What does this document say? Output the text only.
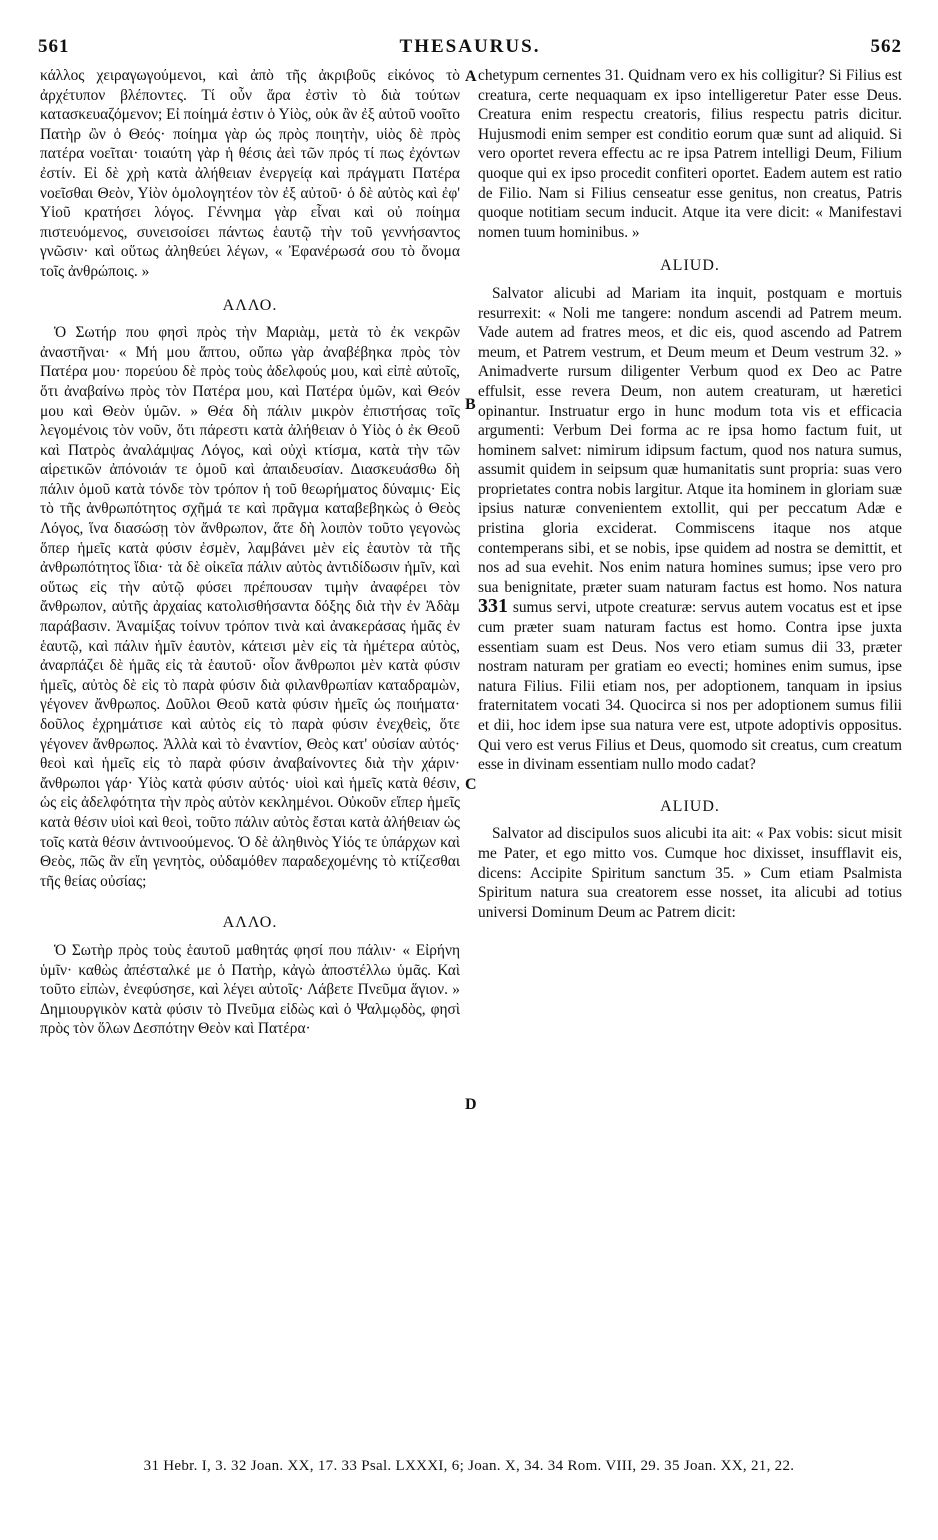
561	THESAURUS.	562

κάλλος χειραγωγούμενοι, καὶ ἀπὸ τῆς ἀκριβοῦς εἰκόνος τὸ ἀρχέτυπον βλέποντες. Τί οὖν ἄρα ἐστὶν τὸ διὰ τούτων κατασκευαζόμενον; Εἰ ποίημά ἐστιν ὁ Υἱὸς, οὐκ ἂν ἐξ αὐτοῦ νοοῖτο Πατὴρ ὢν ὁ Θεός· ποίημα γὰρ ὡς πρὸς ποιητὴν, υἱὸς δὲ πρὸς πατέρα νοεῖται· τοιαύτη γὰρ ἡ θέσις ἀεὶ τῶν πρός τί πως ἐχόντων ἐστίν. Εἰ δὲ χρὴ κατὰ ἀλήθειαν ἐνεργείᾳ καὶ πράγματι Πατέρα νοεῖσθαι Θεὸν, Υἱὸν ὁμολογητέον τὸν ἐξ αὐτοῦ· ὁ δὲ αὐτὸς καὶ ἐφ' Υἱοῦ κρατήσει λόγος. Γέννημα γὰρ εἶναι καὶ οὐ ποίημα πιστευόμενος, συνεισοίσει πάντως ἑαυτῷ τὴν τοῦ γεννήσαντος γνῶσιν· καὶ οὕτως ἀληθεύει λέγων, « Ἐφανέρωσά σου τὸ ὄνομα τοῖς ἀνθρώποις. »

ΑΛΛΟ.

Ὁ Σωτήρ που φησὶ πρὸς τὴν Μαριὰμ, μετὰ τὸ ἐκ νεκρῶν ἀναστῆναι· « Μή μου ἅπτου, οὔπω γὰρ ἀναβέβηκα πρὸς τὸν Πατέρα μου· πορεύου δὲ πρὸς τοὺς ἀδελφούς μου, καὶ εἰπὲ αὐτοῖς, ὅτι ἀναβαίνω πρὸς τὸν Πατέρα μου, καὶ Πατέρα ὑμῶν, καὶ Θεόν μου καὶ Θεὸν ὑμῶν. » Θέα δὴ πάλιν μικρὸν ἐπιστήσας τοῖς λεγομένοις τὸν νοῦν, ὅτι πάρεστι κατὰ ἀλήθειαν ὁ Υἱὸς ὁ ἐκ Θεοῦ καὶ Πατρὸς ἀναλάμψας Λόγος, καὶ οὐχὶ κτίσμα, κατὰ τὴν τῶν αἱρετικῶν ἀπόνοιάν τε ὁμοῦ καὶ ἀπαιδευσίαν. Διασκευάσθω δὴ πάλιν ὁμοῦ κατὰ τόνδε τὸν τρόπον ἡ τοῦ θεωρήματος δύναμις· Εἰς τὸ τῆς ἀνθρωπότητος σχῆμά τε καὶ πρᾶγμα καταβεβηκὼς ὁ Θεὸς Λόγος, ἵνα διασώσῃ τὸν ἄνθρωπον, ἅτε δὴ λοιπὸν τοῦτο γεγονὼς ὅπερ ἡμεῖς κατὰ φύσιν ἐσμὲν, λαμβάνει μὲν εἰς ἑαυτὸν τὰ τῆς ἀνθρωπότητος ἴδια· τὰ δὲ οἰκεῖα πάλιν αὐτὸς ἀντιδίδωσιν ἡμῖν, καὶ οὕτως εἰς τὴν αὐτῷ φύσει πρέπουσαν τιμὴν ἀναφέρει τὸν ἄνθρωπον, αὐτῆς ἀρχαίας κατολισθήσαντα δόξης διὰ τὴν ἐν Ἀδὰμ παράβασιν. Ἀναμίξας τοίνυν τρόπον τινὰ καὶ ἀνακεράσας ἡμᾶς ἐν ἑαυτῷ, καὶ πάλιν ἡμῖν ἑαυτὸν, κάτεισι μὲν εἰς τὰ ἡμέτερα αὐτὸς, ἀναρπάζει δὲ ἡμᾶς εἰς τὰ ἑαυτοῦ· οἷον ἄνθρωποι μὲν κατὰ φύσιν ἡμεῖς, αὐτὸς δὲ εἰς τὸ παρὰ φύσιν διὰ φιλανθρωπίαν καταδραμὼν, γέγονεν ἄνθρωπος. Δοῦλοι Θεοῦ κατὰ φύσιν ἡμεῖς ὡς ποιήματα· δοῦλος ἐχρημάτισε καὶ αὐτὸς εἰς τὸ παρὰ φύσιν ἐνεχθεὶς, ὅτε γέγονεν ἄνθρωπος. Ἀλλὰ καὶ τὸ ἐναντίον, Θεὸς κατ' οὐσίαν αὐτός· θεοὶ καὶ ἡμεῖς εἰς τὸ παρὰ φύσιν ἀναβαίνοντες διὰ τὴν χάριν· ἄνθρωποι γάρ· Υἱὸς κατὰ φύσιν αὐτός· υἱοὶ καὶ ἡμεῖς κατὰ θέσιν, ὡς εἰς ἀδελφότητα τὴν πρὸς αὐτὸν κεκλημένοι. Οὐκοῦν εἴπερ ἡμεῖς κατὰ θέσιν υἱοὶ καὶ θεοὶ, τοῦτο πάλιν αὐτὸς ἔσται κατὰ ἀλήθειαν ὡς τοῖς κατὰ θέσιν ἀντινοούμενος. Ὁ δὲ ἀληθινὸς Υἱός τε ὑπάρχων καὶ Θεὸς, πῶς ἂν εἴη γενητὸς, οὐδαμόθεν παραδεχομένης τὸ κτίζεσθαι τῆς θείας οὐσίας;

ΑΛΛΟ.

Ὁ Σωτὴρ πρὸς τοὺς ἑαυτοῦ μαθητάς φησί που πάλιν· « Εἰρήνη ὑμῖν· καθὼς ἀπέσταλκέ με ὁ Πατὴρ, κἀγὼ ἀποστέλλω ὑμᾶς. Καὶ τοῦτο εἰπὼν, ἐνεφύσησε, καὶ λέγει αὐτοῖς· Λάβετε Πνεῦμα ἅγιον. » Δημιουργικὸν κατὰ φύσιν τὸ Πνεῦμα εἰδὼς καὶ ὁ Ψαλμῳδὸς, φησὶ πρὸς τὸν ὅλων Δεσπότην Θεὸν καὶ Πατέρα·

chetypum cernentes 31. Quidnam vero ex his colligitur? Si Filius est creatura, certe nequaquam ex ipso intelligeretur Pater esse Deus. Creatura enim respectu creatoris, filius respectu patris dicitur. Hujusmodi enim semper est conditio eorum quæ sunt ad aliquid. Si vero oportet revera effectu ac re ipsa Patrem intelligi Deum, Filium quoque qui ex ipso procedit confiteri oportet. Eadem autem est ratio de Filio. Nam si Filius censeatur esse genitus, non creatus, Patris quoque notitiam secum inducit. Atque ita vere dicit: « Manifestavi nomen tuum hominibus. »

ALIUD.

Salvator alicubi ad Mariam ita inquit, postquam e mortuis resurrexit: « Noli me tangere: nondum ascendi ad Patrem meum. Vade autem ad fratres meos, et dic eis, quod ascendo ad Patrem meum, et Patrem vestrum, et Deum meum et Deum vestrum 32. » Animadverte rursum diligenter Verbum quod ex Deo ac Patre effulsit, esse revera Deum, non autem creaturam, ut hæretici opinantur. Instruatur ergo in hunc modum tota vis et efficacia argumenti: Verbum Dei forma ac re ipsa homo factum fuit, ut hominem salvet: nimirum idipsum factum, quod nos natura sumus, assumit quidem in seipsum quæ humanitatis sunt propria: suas vero proprietates contra nobis largitur. Atque ita hominem in gloriam suæ ipsius naturæ convenientem extollit, qui per peccatum Adæ e pristina gloria exciderat. Commiscens itaque nos atque contemperans sibi, et se nobis, ipse quidem ad nostra se demittit, et nos ad sua evehit. Nos enim natura homines sumus; ipse vero pro sua benignitate, præter suam naturam factus est homo. Nos natura 331 sumus servi, utpote creaturæ: servus autem vocatus est et ipse cum præter suam naturam factus est homo. Contra ipse juxta essentiam suam est Deus. Nos vero etiam sumus dii 33, præter nostram naturam per gratiam eo evecti; homines enim sumus, ipse natura Filius. Filii etiam nos, per adoptionem, tanquam in ipsius fraternitatem vocati 34. Quocirca si nos per adoptionem sumus filii et dii, hoc idem ipse sua natura vere est, utpote adoptivis oppositus. Qui vero est verus Filius et Deus, quomodo sit creatus, cum creatum esse in divinam essentiam nullo modo cadat?

ALIUD.

Salvator ad discipulos suos alicubi ita ait: « Pax vobis: sicut misit me Pater, et ego mitto vos. Cumque hoc dixisset, insufflavit eis, dicens: Accipite Spiritum sanctum 35. » Cum etiam Psalmista Spiritum natura sua creatorem esse nosset, ita alicubi ad totius universi Dominum Deum ac Patrem dicit:

A
B
C
D
31 Hebr. I, 3. 32 Joan. XX, 17. 33 Psal. LXXXI, 6; Joan. X, 34. 34 Rom. VIII, 29. 35 Joan. XX, 21, 22.
